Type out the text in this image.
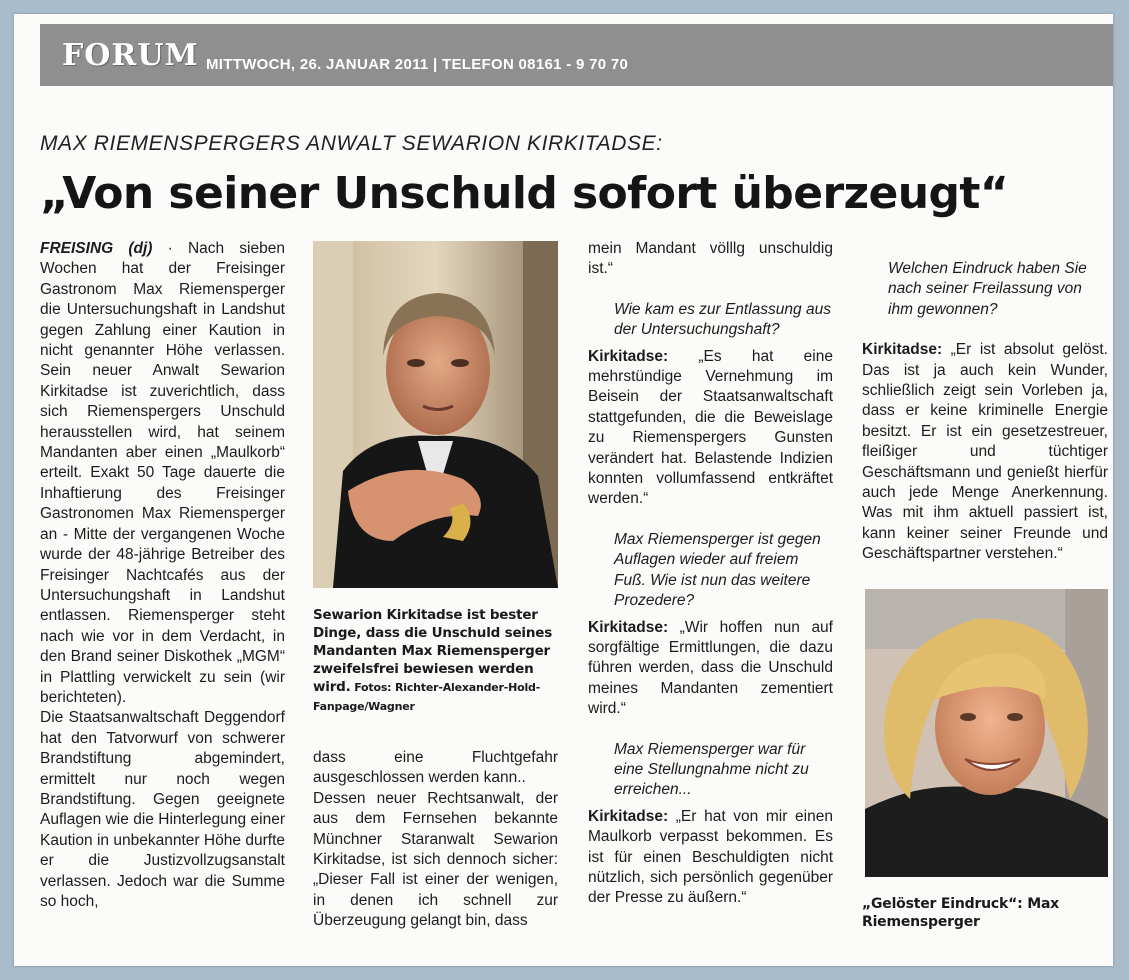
FORUM MITTWOCH, 26. JANUAR 2011 | TELEFON 08161 - 9 70 70
MAX RIEMENSPERGERS ANWALT SEWARION KIRKITADSE:
„Von seiner Unschuld sofort überzeugt“

FREISING (dj) · Nach sieben Wochen hat der Freisinger Gastronom Max Riemensperger die Untersuchungshaft in Landshut gegen Zahlung einer Kaution in nicht genannter Höhe verlassen. Sein neuer Anwalt Sewarion Kirkitadse ist zuverichtlich, dass sich Riemenspergers Unschuld herausstellen wird, hat seinem Mandanten aber einen „Maulkorb“ erteilt. Exakt 50 Tage dauerte die Inhaftierung des Freisinger Gastronomen Max Riemensperger an - Mitte der vergangenen Woche wurde der 48-jährige Betreiber des Freisinger Nachtcafés aus der Untersuchungshaft in Landshut entlassen. Riemensperger steht nach wie vor in dem Verdacht, in den Brand seiner Diskothek „MGM“ in Plattling verwickelt zu sein (wir berichteten).

Die Staatsanwaltschaft Deggendorf hat den Tatvorwurf von schwerer Brandstiftung abgemindert, ermittelt nur noch wegen Brandstiftung. Gegen geeignete Auflagen wie die Hinterlegung einer Kaution in unbekannter Höhe durfte er die Justizvollzugsanstalt verlassen. Jedoch war die Summe so hoch,

Sewarion Kirkitadse ist bester Dinge, dass die Unschuld seines Mandanten Max Riemensperger zweifelsfrei bewiesen werden wird. Fotos: Richter-Alexander-Hold-Fanpage/Wagner

dass eine Fluchtgefahr ausgeschlossen werden kann..

Dessen neuer Rechtsanwalt, der aus dem Fernsehen bekannte Münchner Staranwalt Sewarion Kirkitadse, ist sich dennoch sicher: „Dieser Fall ist einer der wenigen, in denen ich schnell zur Überzeugung gelangt bin, dass

mein Mandant völllg unschuldig ist.“

Wie kam es zur Entlassung aus der Untersuchungshaft?

Kirkitadse: „Es hat eine mehrstündige Vernehmung im Beisein der Staatsanwaltschaft stattgefunden, die die Beweislage zu Riemenspergers Gunsten verändert hat. Belastende Indizien konnten vollumfassend entkräftet werden.“

Max Riemensperger ist gegen Auflagen wieder auf freiem Fuß. Wie ist nun das weitere Prozedere?

Kirkitadse: „Wir hoffen nun auf sorgfältige Ermittlungen, die dazu führen werden, dass die Unschuld meines Mandanten zementiert wird.“

Max Riemensperger war für eine Stellungnahme nicht zu erreichen...

Kirkitadse: „Er hat von mir einen Maulkorb verpasst bekommen. Es ist für einen Beschuldigten nicht nützlich, sich persönlich gegenüber der Presse zu äußern.“

Welchen Eindruck haben Sie nach seiner Freilassung von ihm gewonnen?

Kirkitadse: „Er ist absolut gelöst. Das ist ja auch kein Wunder, schließlich zeigt sein Vorleben ja, dass er keine kriminelle Energie besitzt. Er ist ein gesetzestreuer, fleißiger und tüchtiger Geschäftsmann und genießt hierfür auch jede Menge Anerkennung. Was mit ihm aktuell passiert ist, kann keiner seiner Freunde und Geschäftspartner verstehen.“

„Gelöster Eindruck“: Max Riemensperger
